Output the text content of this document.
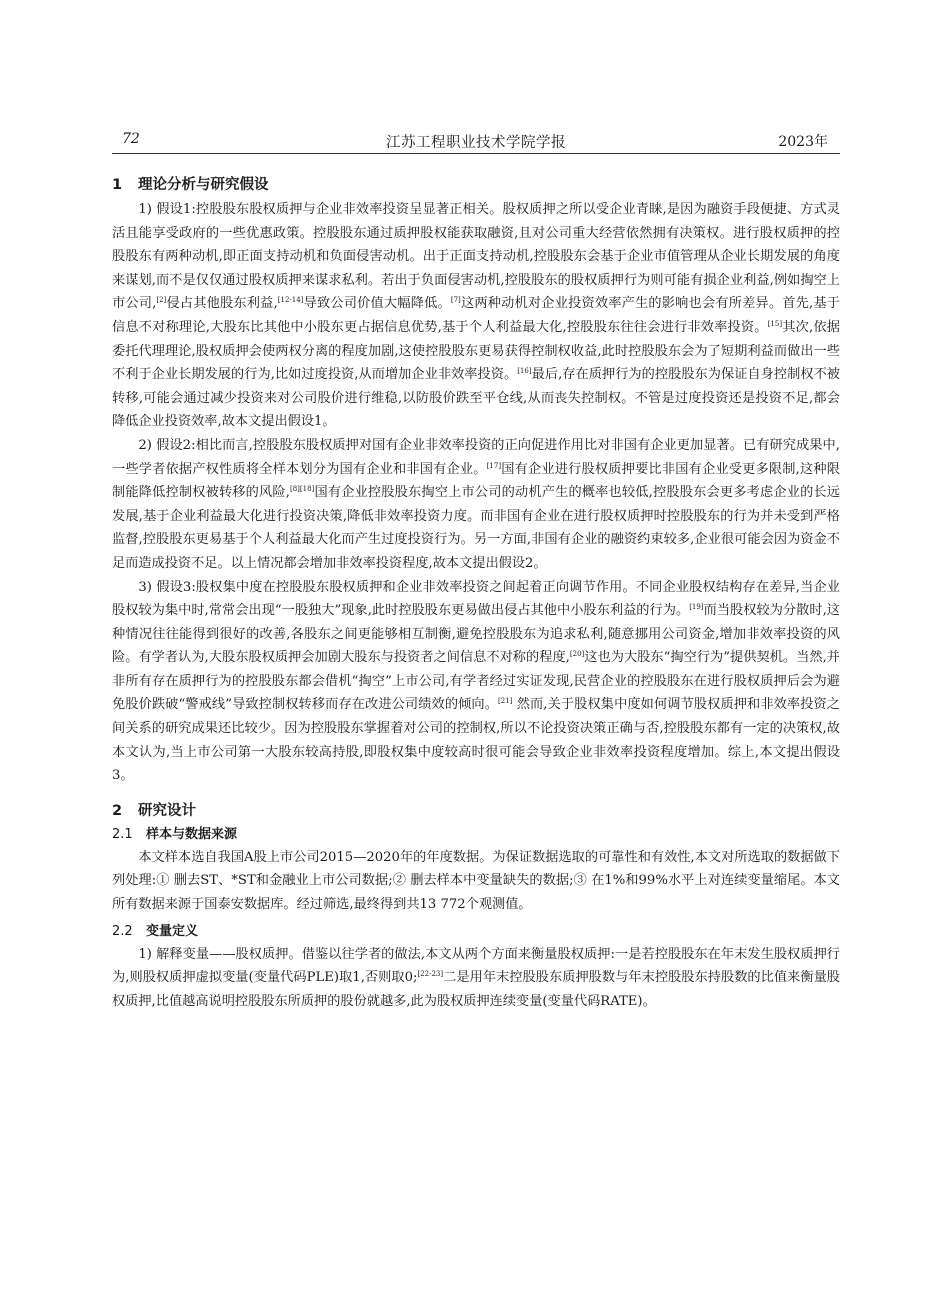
72	江苏工程职业技术学院学报	2023年
1 理论分析与研究假设

1) 假设1:控股股东股权质押与企业非效率投资呈显著正相关。股权质押之所以受企业青睐,是因为融资手段便捷、方式灵活且能享受政府的一些优惠政策。控股股东通过质押股权能获取融资,且对公司重大经营依然拥有决策权。进行股权质押的控股股东有两种动机,即正面支持动机和负面侵害动机。出于正面支持动机,控股股东会基于企业市值管理从企业长期发展的角度来谋划,而不是仅仅通过股权质押来谋求私利。若出于负面侵害动机,控股股东的股权质押行为则可能有损企业利益,例如掏空上市公司,[2]侵占其他股东利益,[12-14]导致公司价值大幅降低。[7]这两种动机对企业投资效率产生的影响也会有所差异。首先,基于信息不对称理论,大股东比其他中小股东更占据信息优势,基于个人利益最大化,控股股东往往会进行非效率投资。[15]其次,依据委托代理理论,股权质押会使两权分离的程度加剧,这使控股股东更易获得控制权收益,此时控股股东会为了短期利益而做出一些不利于企业长期发展的行为,比如过度投资,从而增加企业非效率投资。[16]最后,存在质押行为的控股股东为保证自身控制权不被转移,可能会通过减少投资来对公司股价进行维稳,以防股价跌至平仓线,从而丧失控制权。不管是过度投资还是投资不足,都会降低企业投资效率,故本文提出假设1。

2) 假设2:相比而言,控股股东股权质押对国有企业非效率投资的正向促进作用比对非国有企业更加显著。已有研究成果中,一些学者依据产权性质将全样本划分为国有企业和非国有企业。[17]国有企业进行股权质押要比非国有企业受更多限制,这种限制能降低控制权被转移的风险,[8][18]国有企业控股股东掏空上市公司的动机产生的概率也较低,控股股东会更多考虑企业的长远发展,基于企业利益最大化进行投资决策,降低非效率投资力度。而非国有企业在进行股权质押时控股股东的行为并未受到严格监督,控股股东更易基于个人利益最大化而产生过度投资行为。另一方面,非国有企业的融资约束较多,企业很可能会因为资金不足而造成投资不足。以上情况都会增加非效率投资程度,故本文提出假设2。

3) 假设3:股权集中度在控股股东股权质押和企业非效率投资之间起着正向调节作用。不同企业股权结构存在差异,当企业股权较为集中时,常常会出现“一股独大”现象,此时控股股东更易做出侵占其他中小股东利益的行为。[19]而当股权较为分散时,这种情况往往能得到很好的改善,各股东之间更能够相互制衡,避免控股股东为追求私利,随意挪用公司资金,增加非效率投资的风险。有学者认为,大股东股权质押会加剧大股东与投资者之间信息不对称的程度,[20]这也为大股东“掏空行为”提供契机。当然,并非所有存在质押行为的控股股东都会借机“掏空”上市公司,有学者经过实证发现,民营企业的控股股东在进行股权质押后会为避免股价跌破“警戒线”导致控制权转移而存在改进公司绩效的倾向。[21] 然而,关于股权集中度如何调节股权质押和非效率投资之间关系的研究成果还比较少。因为控股股东掌握着对公司的控制权,所以不论投资决策正确与否,控股股东都有一定的决策权,故本文认为,当上市公司第一大股东较高持股,即股权集中度较高时很可能会导致企业非效率投资程度增加。综上,本文提出假设3。

2 研究设计
2.1 样本与数据来源

本文样本选自我国A股上市公司2015—2020年的年度数据。为保证数据选取的可靠性和有效性,本文对所选取的数据做下列处理:① 删去ST、*ST和金融业上市公司数据;② 删去样本中变量缺失的数据;③ 在1%和99%水平上对连续变量缩尾。本文所有数据来源于国泰安数据库。经过筛选,最终得到共13 772个观测值。

2.2 变量定义

1) 解释变量——股权质押。借鉴以往学者的做法,本文从两个方面来衡量股权质押:一是若控股股东在年末发生股权质押行为,则股权质押虚拟变量(变量代码PLE)取1,否则取0;[22-23]二是用年末控股股东质押股数与年末控股股东持股数的比值来衡量股权质押,比值越高说明控股股东所质押的股份就越多,此为股权质押连续变量(变量代码RATE)。
